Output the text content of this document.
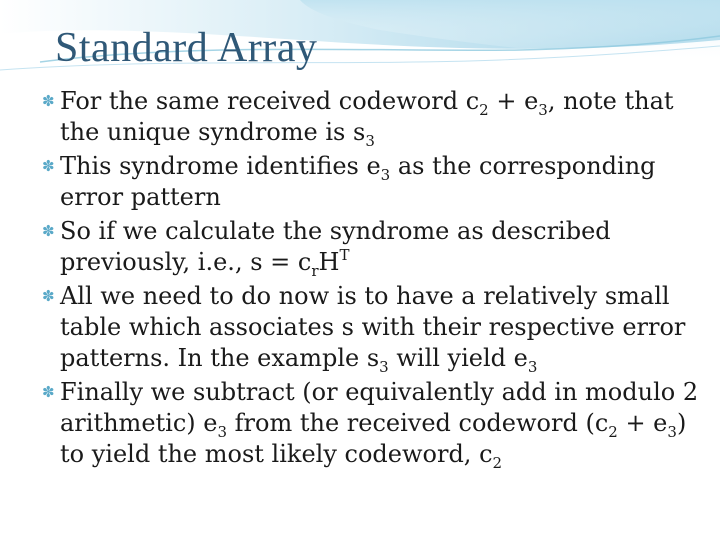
Standard Array
✽ For the same received codeword $c_2 + e_3$, note that the unique syndrome is $s_3$
✽ This syndrome identifies $e_3$ as the corresponding error pattern
✽ So if we calculate the syndrome as described previously, i.e., $s = c_rH^T$
✽ All we need to do now is to have a relatively small table which associates s with their respective error patterns. In the example $s_3$ will yield $e_3$
✽ Finally we subtract (or equivalently add in modulo 2 arithmetic) $e_3$ from the received codeword $(c_2 + e_3)$ to yield the most likely codeword, $c_2$
